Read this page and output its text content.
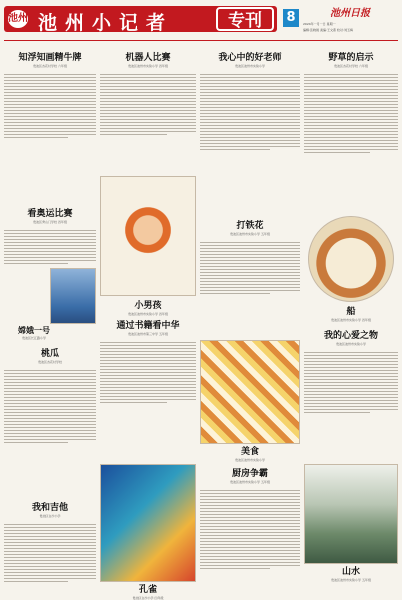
池州 池州小记者	专刊	8	池州日报
2024年一月一日 星期一
编辑:张晓晨 美编:王文燕 校对:刘玉梅
知浮知画精牛牌
贵池区杏花村学校 六年级
看奥运比赛
贵池区秀山门学校 四年级
嫦娥一号
贵池区长江路小学
桃瓜
贵池区杏花村学校
我和吉他
贵池区白沙小学
机器人比赛
贵池区池州市实验小学 四年级
小男孩
贵池区池州市实验小学 四年级
通过书籍看中华
贵池区池州市第三中学 五年级
孔雀
贵池区白沙小学 四年级
我心中的好老师
贵池区池州市实验小学
打铁花
贵池区池州市实验小学 五年级
美食
贵池区池州市实验小学
厨房争霸
贵池区池州市实验小学 五年级
野草的启示
贵池区杏花村学校 六年级
船
贵池区池州市实验小学 四年级
我的心爱之物
贵池区池州市实验小学
山水
贵池区池州市实验小学 五年级
